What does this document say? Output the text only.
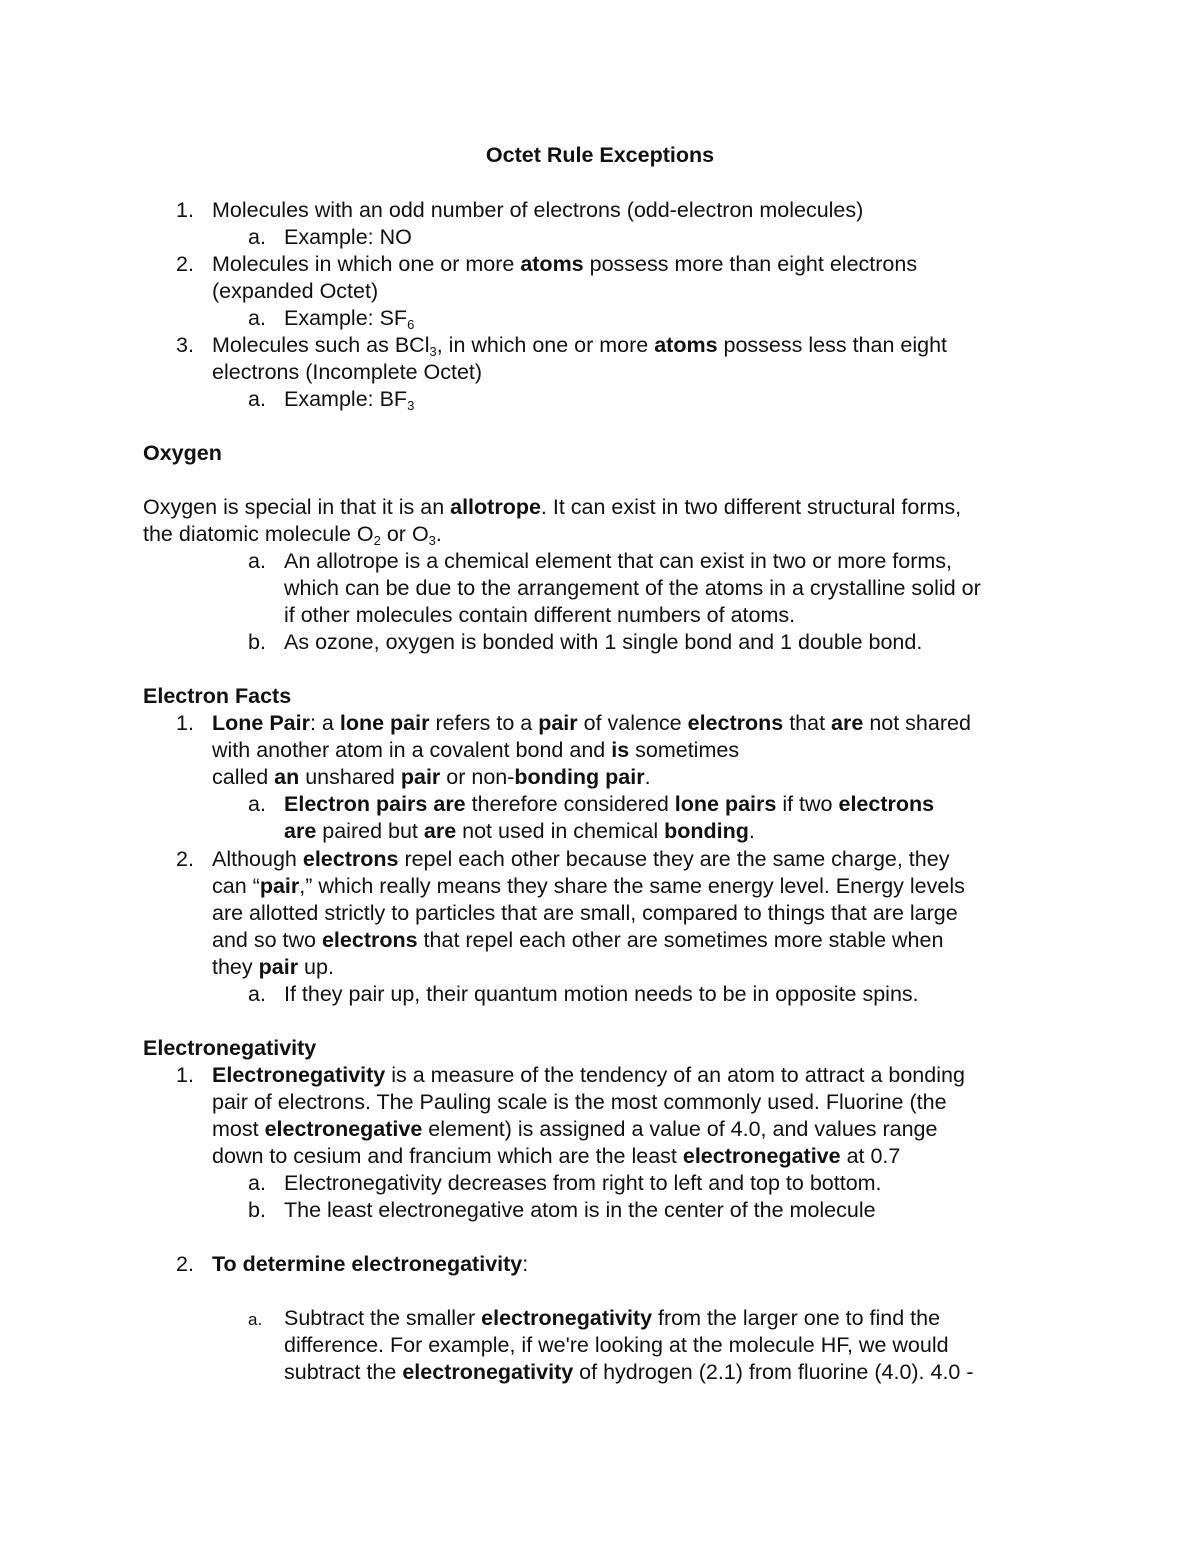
Octet Rule Exceptions
1. Molecules with an odd number of electrons (odd-electron molecules)
a. Example: NO
2. Molecules in which one or more atoms possess more than eight electrons
(expanded Octet)
a. Example: $SF_6$
3. Molecules such as BCl$_3$, in which one or more atoms possess less than eight
electrons (Incomplete Octet)
a. Example: $BF_3$
Oxygen
Oxygen is special in that it is an allotrope. It can exist in two different structural forms,
the diatomic molecule $O_2$ or $O_3$.
a. An allotrope is a chemical element that can exist in two or more forms,
which can be due to the arrangement of the atoms in a crystalline solid or
if other molecules contain different numbers of atoms.
b. As ozone, oxygen is bonded with 1 single bond and 1 double bond.
Electron Facts
1. Lone Pair: a lone pair refers to a pair of valence electrons that are not shared
with another atom in a covalent bond and is sometimes
called an unshared pair or non-bonding pair.
a. Electron pairs are therefore considered lone pairs if two electrons
are paired but are not used in chemical bonding.
2. Although electrons repel each other because they are the same charge, they
can “pair,” which really means they share the same energy level. Energy levels
are allotted strictly to particles that are small, compared to things that are large
and so two electrons that repel each other are sometimes more stable when
they pair up.
a. If they pair up, their quantum motion needs to be in opposite spins.
Electronegativity
1. Electronegativity is a measure of the tendency of an atom to attract a bonding
pair of electrons. The Pauling scale is the most commonly used. Fluorine (the
most electronegative element) is assigned a value of 4.0, and values range
down to cesium and francium which are the least electronegative at 0.7
a. Electronegativity decreases from right to left and top to bottom.
b. The least electronegative atom is in the center of the molecule
2. To determine electronegativity:
a. Subtract the smaller electronegativity from the larger one to find the
difference. For example, if we're looking at the molecule HF, we would
subtract the electronegativity of hydrogen (2.1) from fluorine (4.0). 4.0 -
